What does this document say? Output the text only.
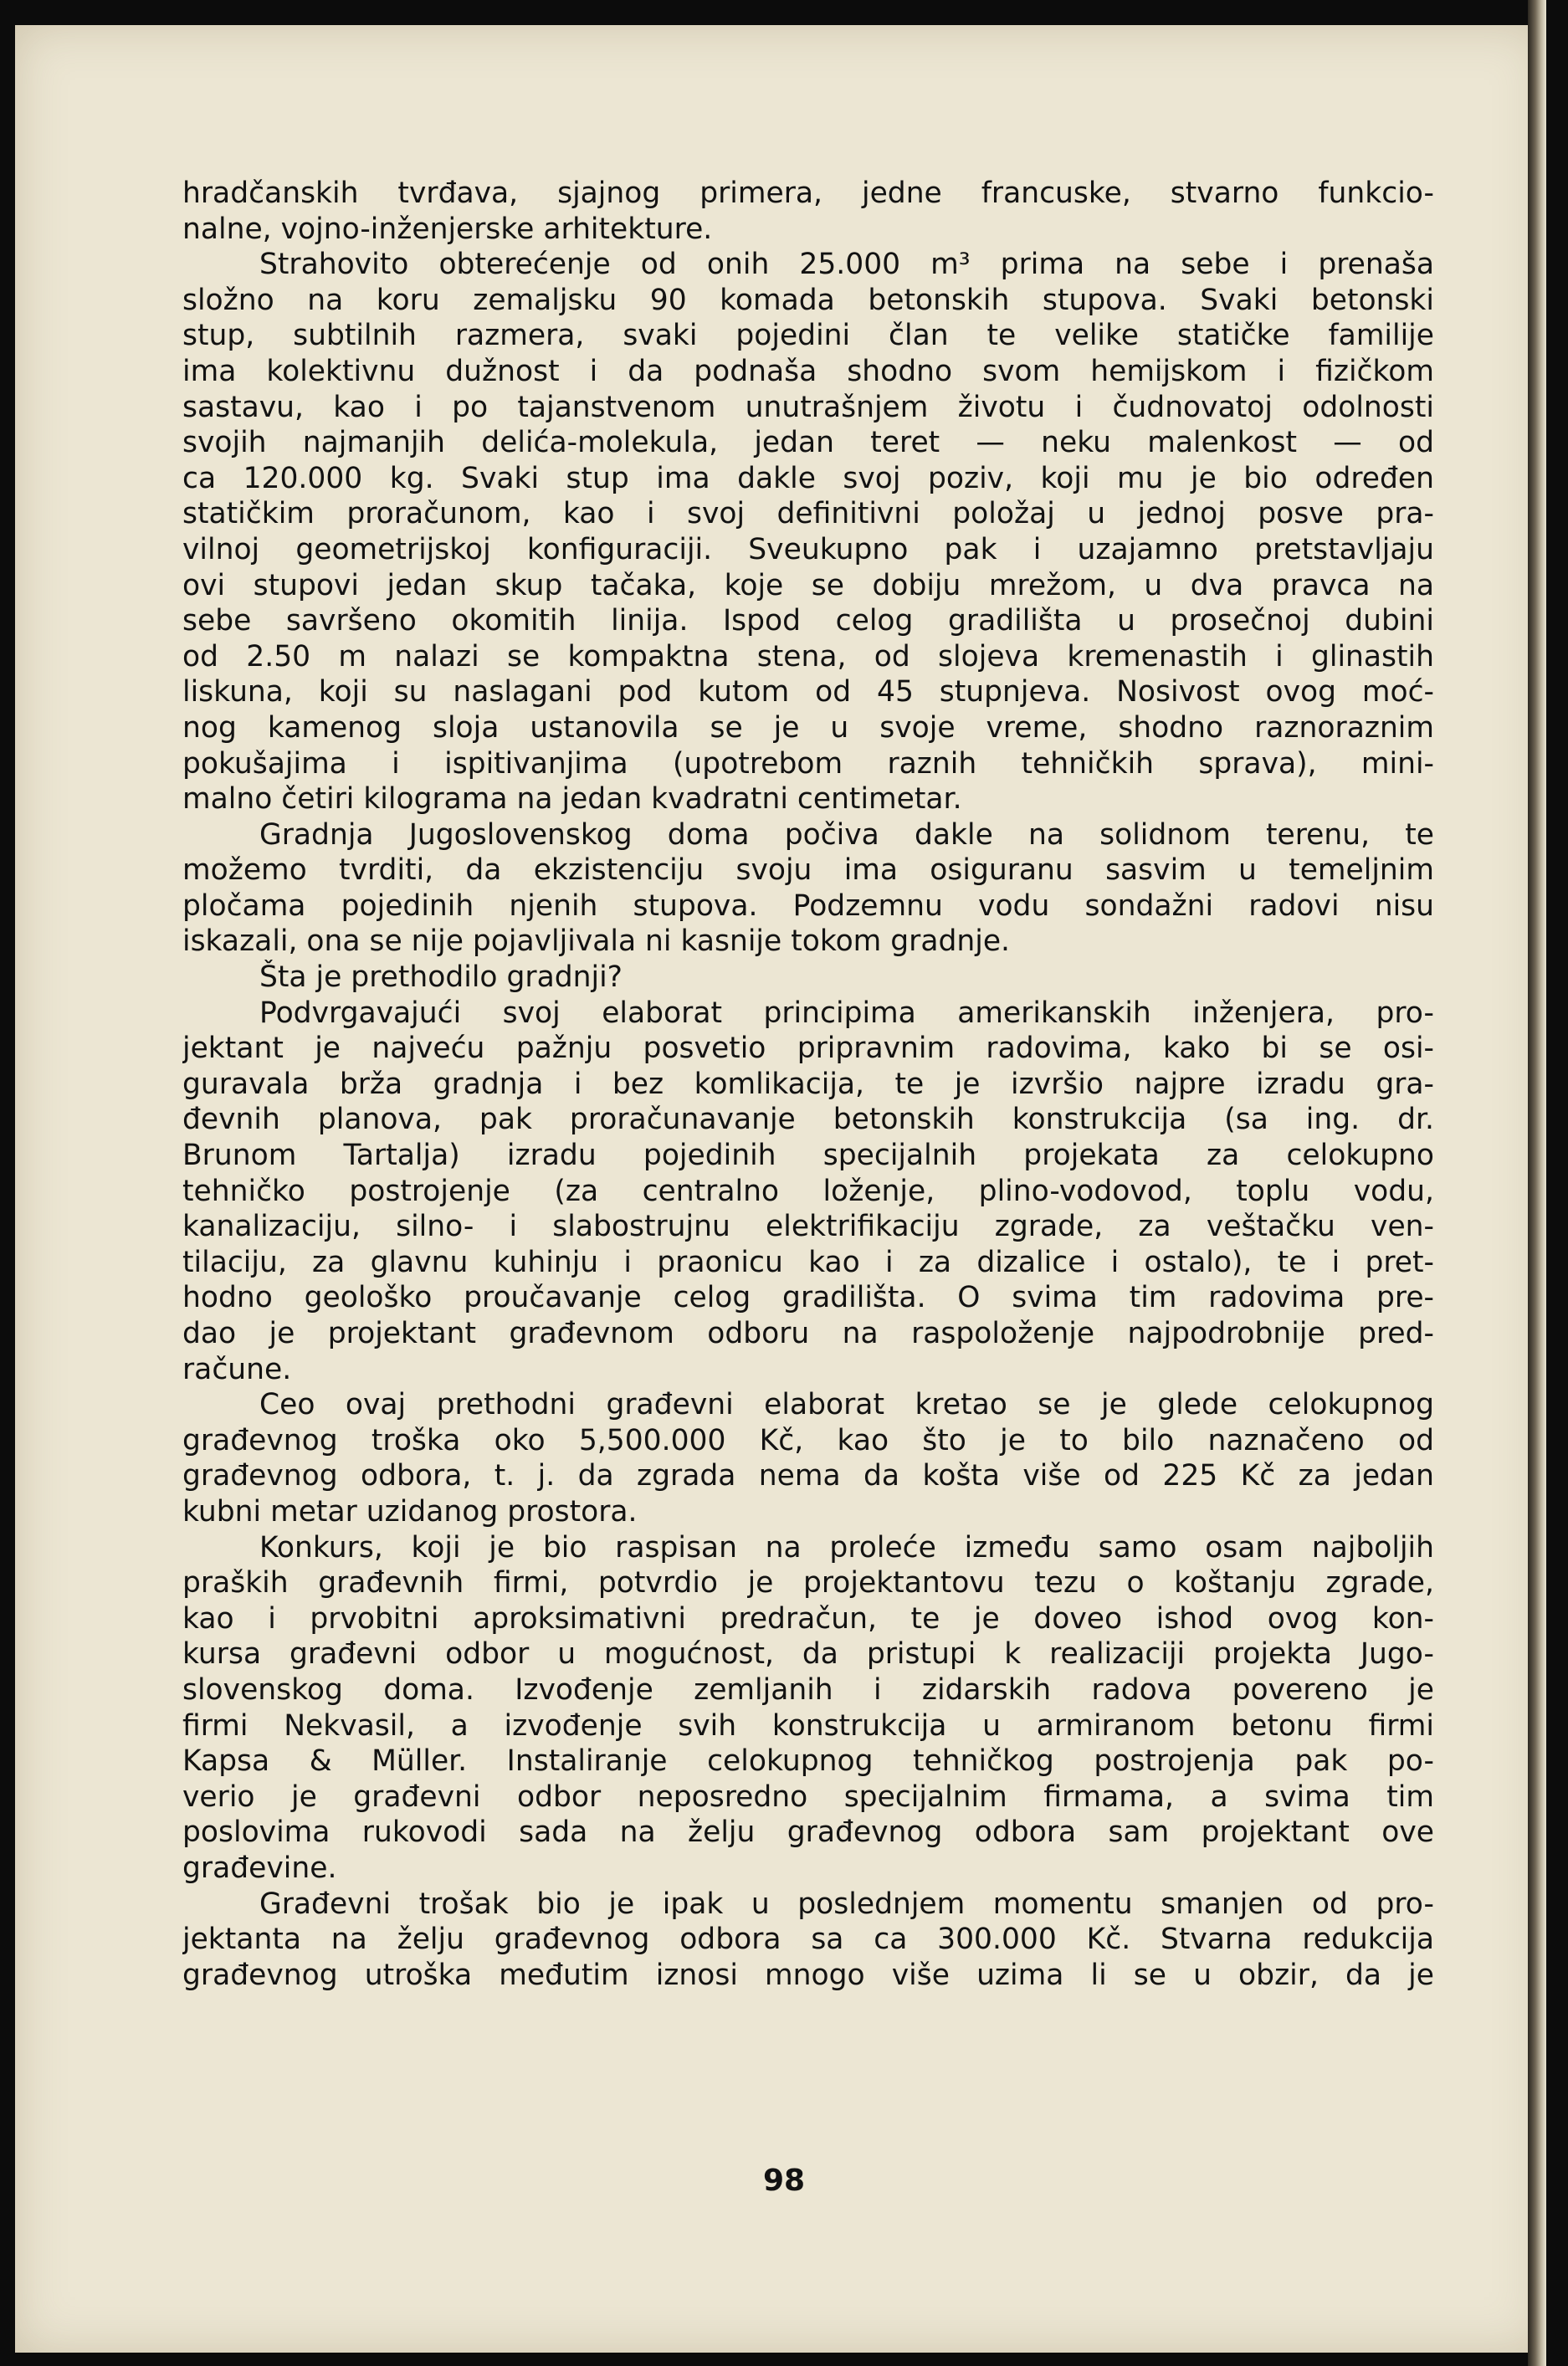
hradčanskih tvrđava, sjajnog primera, jedne francuske, stvarno funkcio-
nalne, vojno-inženjerske arhitekture.
Strahovito obterećenje od onih 25.000 m³ prima na sebe i prenaša
složno na koru zemaljsku 90 komada betonskih stupova. Svaki betonski
stup, subtilnih razmera, svaki pojedini član te velike statičke familije
ima kolektivnu dužnost i da podnaša shodno svom hemijskom i fizičkom
sastavu, kao i po tajanstvenom unutrašnjem životu i čudnovatoj odolnosti
svojih najmanjih delića-molekula, jedan teret — neku malenkost — od
ca 120.000 kg. Svaki stup ima dakle svoj poziv, koji mu je bio određen
statičkim proračunom, kao i svoj definitivni položaj u jednoj posve pra-
vilnoj geometrijskoj konfiguraciji. Sveukupno pak i uzajamno pretstavljaju
ovi stupovi jedan skup tačaka, koje se dobiju mrežom, u dva pravca na
sebe savršeno okomitih linija. Ispod celog gradilišta u prosečnoj dubini
od 2.50 m nalazi se kompaktna stena, od slojeva kremenastih i glinastih
liskuna, koji su naslagani pod kutom od 45 stupnjeva. Nosivost ovog moć-
nog kamenog sloja ustanovila se je u svoje vreme, shodno raznoraznim
pokušajima i ispitivanjima (upotrebom raznih tehničkih sprava), mini-
malno četiri kilograma na jedan kvadratni centimetar.
Gradnja Jugoslovenskog doma počiva dakle na solidnom terenu, te
možemo tvrditi, da ekzistenciju svoju ima osiguranu sasvim u temeljnim
pločama pojedinih njenih stupova. Podzemnu vodu sondažni radovi nisu
iskazali, ona se nije pojavljivala ni kasnije tokom gradnje.
Šta je prethodilo gradnji?
Podvrgavajući svoj elaborat principima amerikanskih inženjera, pro-
jektant je najveću pažnju posvetio pripravnim radovima, kako bi se osi-
guravala brža gradnja i bez komlikacija, te je izvršio najpre izradu gra-
đevnih planova, pak proračunavanje betonskih konstrukcija (sa ing. dr.
Brunom Tartalja) izradu pojedinih specijalnih projekata za celokupno
tehničko postrojenje (za centralno loženje, plino-vodovod, toplu vodu,
kanalizaciju, silno- i slabostrujnu elektrifikaciju zgrade, za veštačku ven-
tilaciju, za glavnu kuhinju i praonicu kao i za dizalice i ostalo), te i pret-
hodno geološko proučavanje celog gradilišta. O svima tim radovima pre-
dao je projektant građevnom odboru na raspoloženje najpodrobnije pred-
račune.
Ceo ovaj prethodni građevni elaborat kretao se je glede celokupnog
građevnog troška oko 5,500.000 Kč, kao što je to bilo naznačeno od
građevnog odbora, t. j. da zgrada nema da košta više od 225 Kč za jedan
kubni metar uzidanog prostora.
Konkurs, koji je bio raspisan na proleće između samo osam najboljih
praških građevnih firmi, potvrdio je projektantovu tezu o koštanju zgrade,
kao i prvobitni aproksimativni predračun, te je doveo ishod ovog kon-
kursa građevni odbor u mogućnost, da pristupi k realizaciji projekta Jugo-
slovenskog doma. Izvođenje zemljanih i zidarskih radova povereno je
firmi Nekvasil, a izvođenje svih konstrukcija u armiranom betonu firmi
Kapsa & Müller. Instaliranje celokupnog tehničkog postrojenja pak po-
verio je građevni odbor neposredno specijalnim firmama, a svima tim
poslovima rukovodi sada na želju građevnog odbora sam projektant ove
građevine.
Građevni trošak bio je ipak u poslednjem momentu smanjen od pro-
jektanta na želju građevnog odbora sa ca 300.000 Kč. Stvarna redukcija
građevnog utroška međutim iznosi mnogo više uzima li se u obzir, da je
98
